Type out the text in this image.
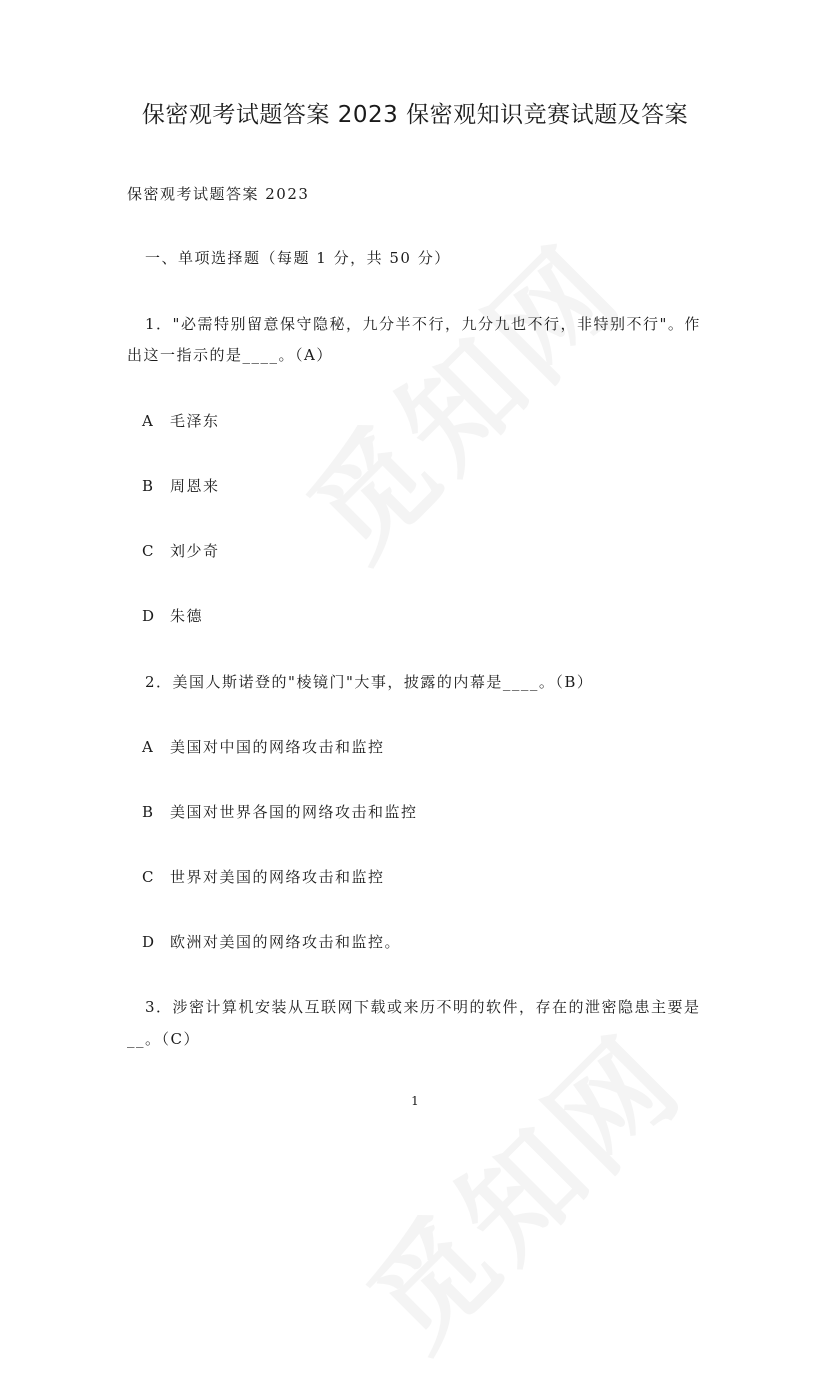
保密观考试题答案 2023 保密观知识竞赛试题及答案
保密观考试题答案 2023
一、单项选择题（每题 1 分，共 50 分）
1．"必需特别留意保守隐秘，九分半不行，九分九也不行，非特别不行"。作
出这一指示的是____。（A）
A 毛泽东
B 周恩来
C 刘少奇
D 朱德
2．美国人斯诺登的"棱镜门"大事，披露的内幕是____。（B）
A 美国对中国的网络攻击和监控
B 美国对世界各国的网络攻击和监控
C 世界对美国的网络攻击和监控
D 欧洲对美国的网络攻击和监控。
3．涉密计算机安装从互联网下载或来历不明的软件，存在的泄密隐患主要是
__。（C）
1
